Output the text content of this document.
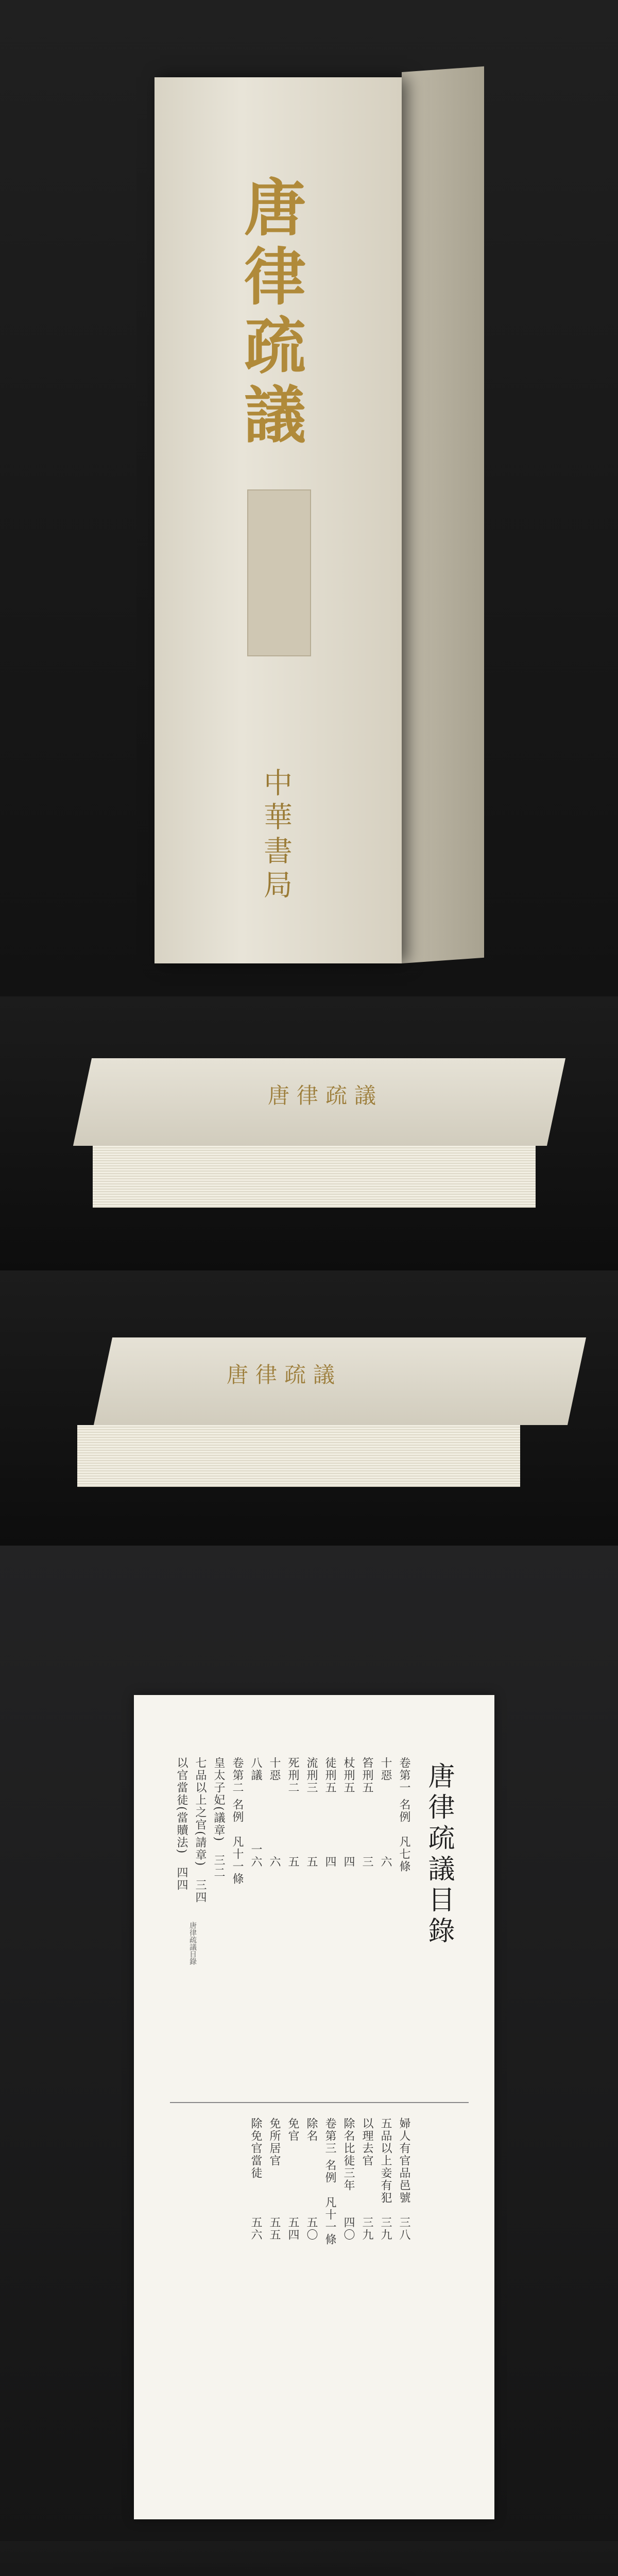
唐律疏議
中華書局
唐律疏議
唐律疏議
唐律疏議目錄
卷第一 名例　凡七條
十惡　　　　　　六
笞刑五　　　　　三
杖刑五　　　　　四
徒刑五　　　　　四
流刑三　　　　　五
死刑二　　　　　五
十惡　　　　　　六
八議　　　　　一六
卷第二 名例　凡十一條
皇太子妃(議章)　三二
七品以上之官(請章)　三四
以官當徒(當贖法)　四四
婦人有官品邑號　三八
五品以上妾有犯　三九
以理去官　　　　三九
除名比徒三年　　四〇
卷第三 名例　凡十一條
除名　　　　　　五〇
免官　　　　　　五四
免所居官　　　　五五
除免官當徒　　　五六
唐律疏議目錄
